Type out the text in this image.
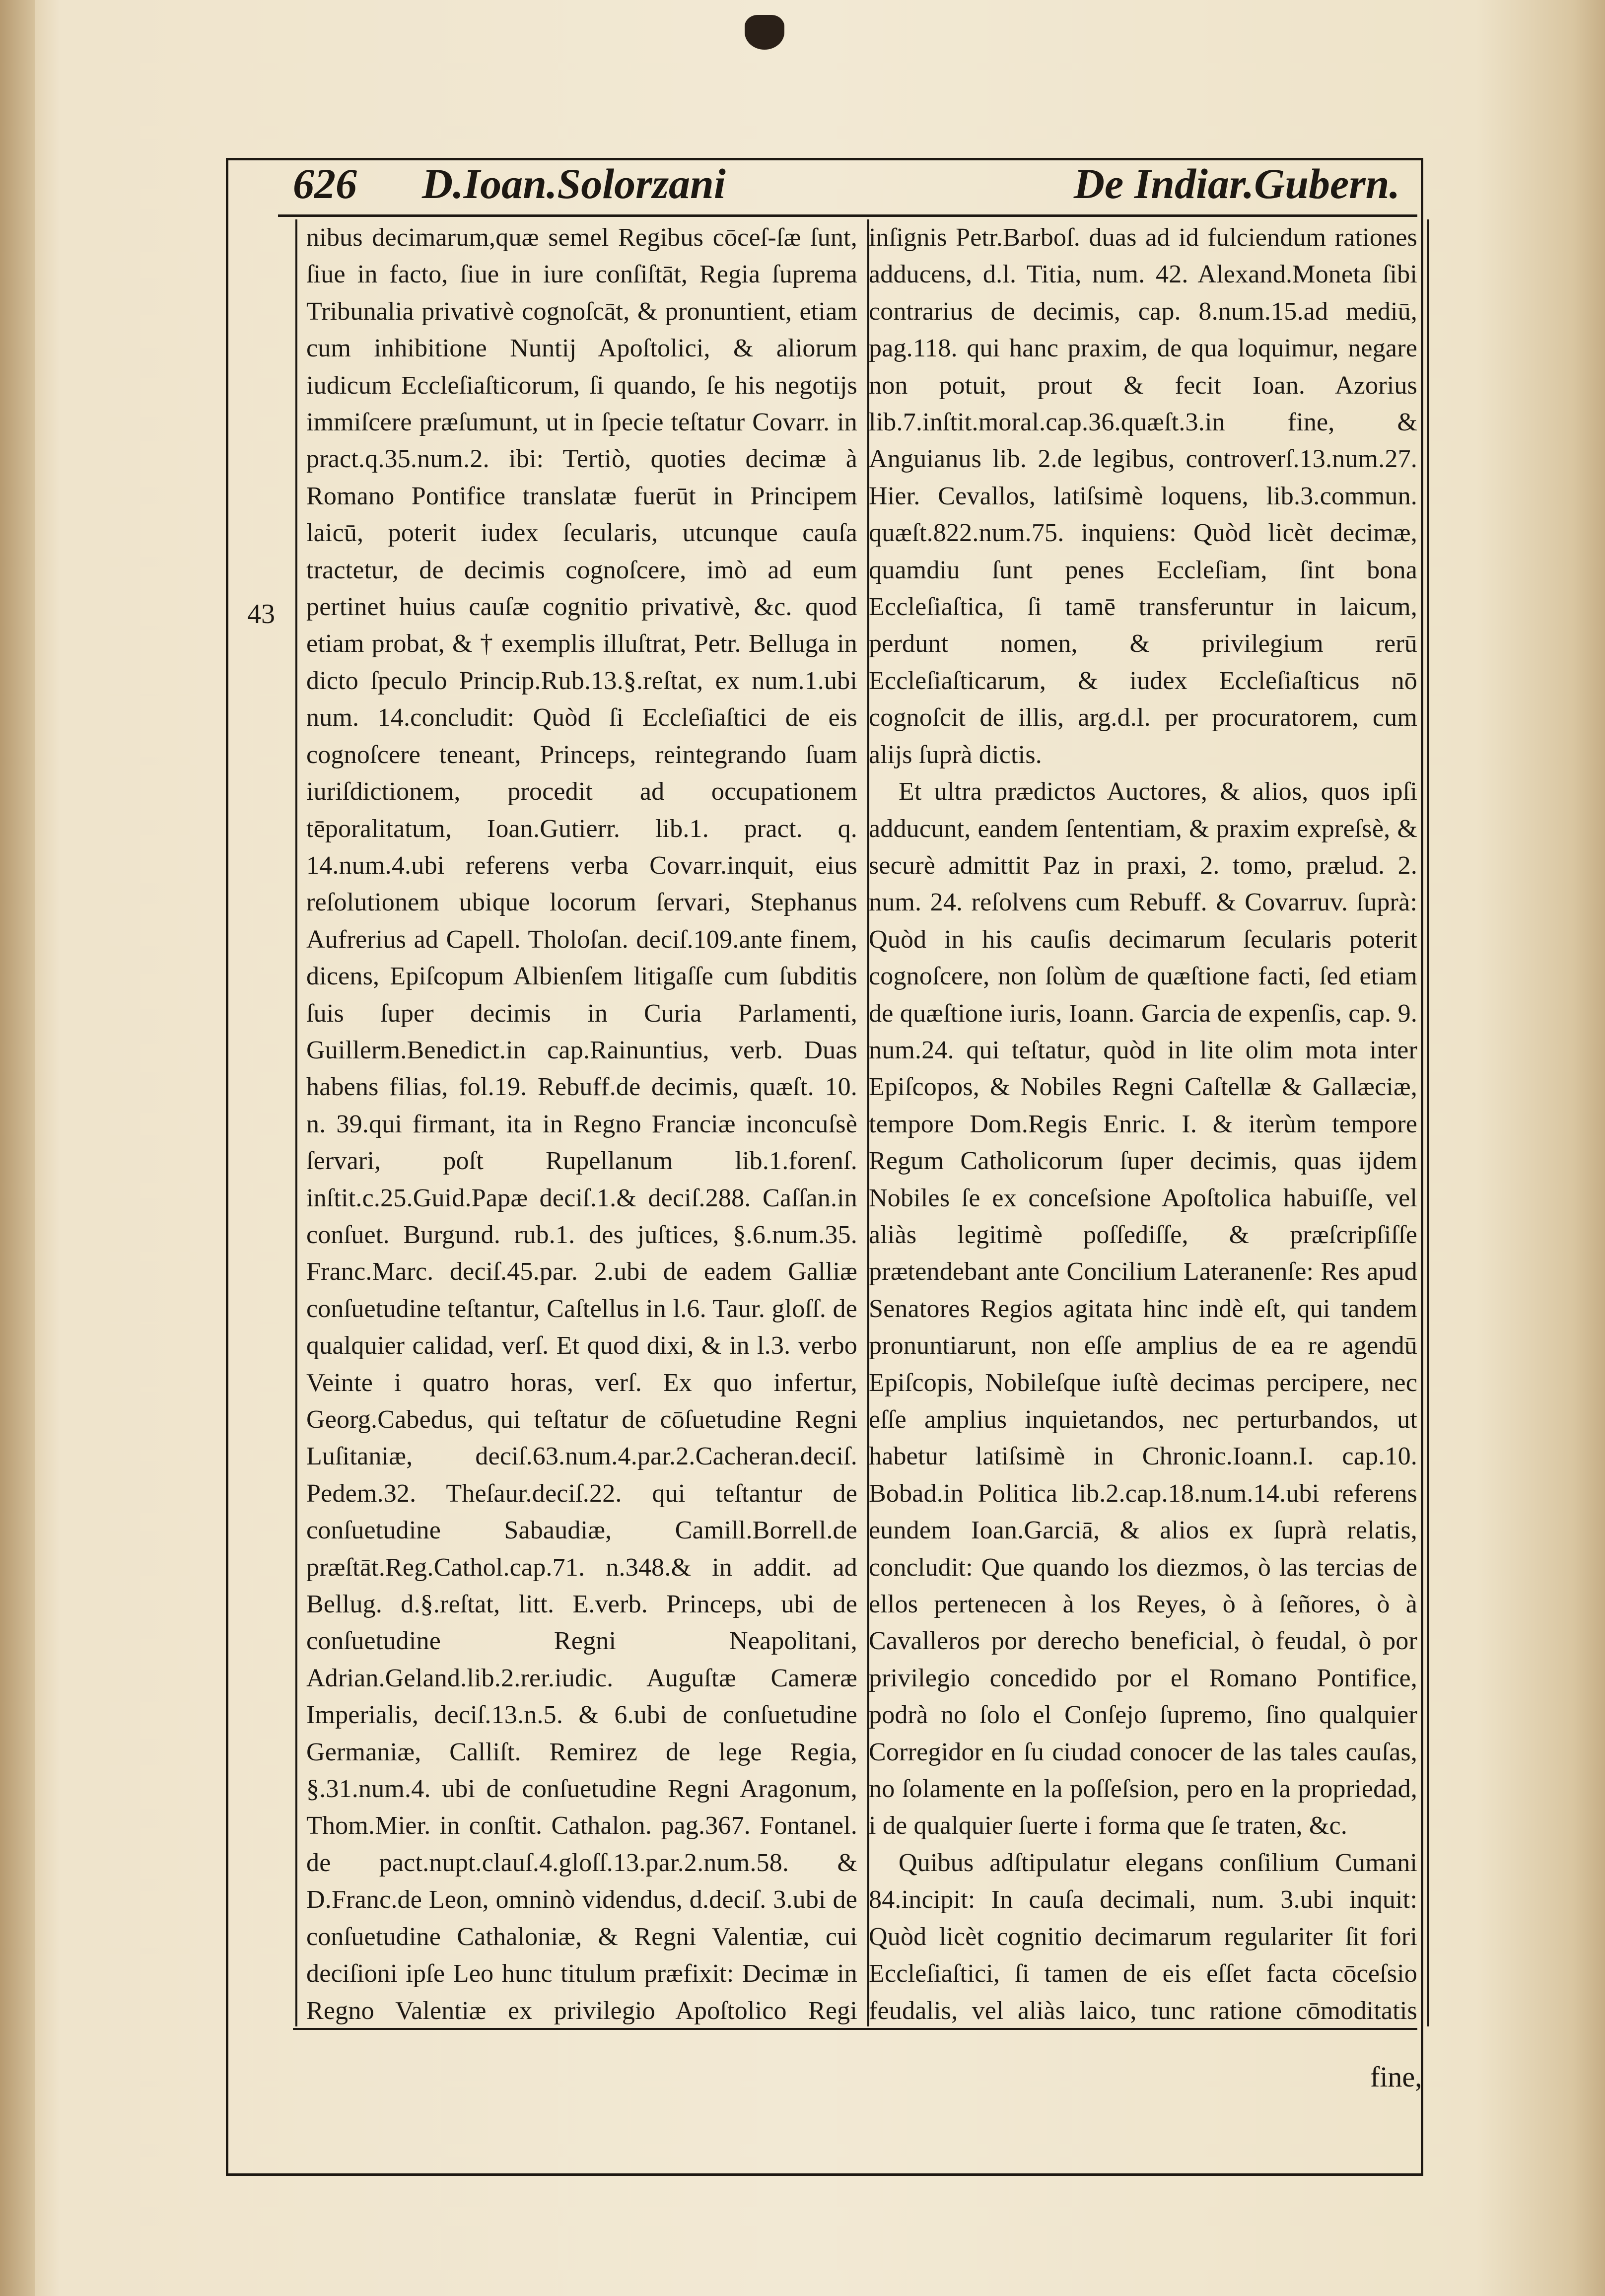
626 D.Ioan.Solorzani	De Indiar.Gubern.
43

nibus decimarum,quæ semel Regibus cōceſ-ſæ ſunt, ſiue in facto, ſiue in iure conſiſtāt, Regia ſuprema Tribunalia privativè cognoſcāt, & pronuntient, etiam cum inhibitione Nuntij Apoſtolici, & aliorum iudicum Eccleſiaſticorum, ſi quando, ſe his negotijs immiſcere præſumunt, ut in ſpecie teſtatur Covarr. in pract.q.35.num.2. ibi: Tertiò, quoties decimæ à Romano Pontifice translatæ fuerūt in Principem laicū, poterit iudex ſecularis, utcunque cauſa tractetur, de decimis cognoſcere, imò ad eum pertinet huius cauſæ cognitio privativè, &c. quod etiam probat, & † exemplis illuſtrat, Petr. Belluga in dicto ſpeculo Princip.Rub.13.§.reſtat, ex num.1.ubi num. 14.concludit: Quòd ſi Eccleſiaſtici de eis cognoſcere teneant, Princeps, reintegrando ſuam iuriſdictionem, procedit ad occupationem tēporalitatum, Ioan.Gutierr. lib.1. pract. q. 14.num.4.ubi referens verba Covarr.inquit, eius reſolutionem ubique locorum ſervari, Stephanus Aufrerius ad Capell. Tholoſan. deciſ.109.ante finem, dicens, Epiſcopum Albienſem litigaſſe cum ſubditis ſuis ſuper decimis in Curia Parlamenti, Guillerm.Benedict.in cap.Rainuntius, verb. Duas habens filias, fol.19. Rebuff.de decimis, quæſt. 10. n. 39.qui firmant, ita in Regno Franciæ inconcuſsè ſervari, poſt Rupellanum lib.1.forenſ. inſtit.c.25.Guid.Papæ deciſ.1.& deciſ.288. Caſſan.in conſuet. Burgund. rub.1. des juſtices, §.6.num.35. Franc.Marc. deciſ.45.par. 2.ubi de eadem Galliæ conſuetudine teſtantur, Caſtellus in l.6. Taur. gloſſ. de qualquier calidad, verſ. Et quod dixi, & in l.3. verbo Veinte i quatro horas, verſ. Ex quo infertur, Georg.Cabedus, qui teſtatur de cōſuetudine Regni Luſitaniæ, deciſ.63.num.4.par.2.Cacheran.deciſ. Pedem.32. Theſaur.deciſ.22. qui teſtantur de conſuetudine Sabaudiæ, Camill.Borrell.de præſtāt.Reg.Cathol.cap.71. n.348.& in addit. ad Bellug. d.§.reſtat, litt. E.verb. Princeps, ubi de conſuetudine Regni Neapolitani, Adrian.Geland.lib.2.rer.iudic. Auguſtæ Cameræ Imperialis, deciſ.13.n.5. & 6.ubi de conſuetudine Germaniæ, Calliſt. Remirez de lege Regia, §.31.num.4. ubi de conſuetudine Regni Aragonum, Thom.Mier. in conſtit. Cathalon. pag.367. Fontanel. de pact.nupt.clauſ.4.gloſſ.13.par.2.num.58. & D.Franc.de Leon, omninò videndus, d.deciſ. 3.ubi de conſuetudine Cathaloniæ, & Regni Valentiæ, cui deciſioni ipſe Leo hunc titulum præfixit: Decimæ in Regno Valentiæ ex privilegio Apoſtolico Regi

inſignis Petr.Barboſ. duas ad id fulciendum rationes adducens, d.l. Titia, num. 42. Alexand.Moneta ſibi contrarius de decimis, cap. 8.num.15.ad mediū, pag.118. qui hanc praxim, de qua loquimur, negare non potuit, prout & fecit Ioan. Azorius lib.7.inſtit.moral.cap.36.quæſt.3.in fine, & Anguianus lib. 2.de legibus, controverſ.13.num.27. Hier. Cevallos, latiſsimè loquens, lib.3.commun. quæſt.822.num.75. inquiens: Quòd licèt decimæ, quamdiu ſunt penes Eccleſiam, ſint bona Eccleſiaſtica, ſi tamē transferuntur in laicum, perdunt nomen, & privilegium rerū Eccleſiaſticarum, & iudex Eccleſiaſticus nō cognoſcit de illis, arg.d.l. per procuratorem, cum alijs ſuprà dictis.

Et ultra prædictos Auctores, & alios, quos ipſi adducunt, eandem ſententiam, & praxim expreſsè, & securè admittit Paz in praxi, 2. tomo, prælud. 2. num. 24. reſolvens cum Rebuff. & Covarruv. ſuprà: Quòd in his cauſis decimarum ſecularis poterit cognoſcere, non ſolùm de quæſtione facti, ſed etiam de quæſtione iuris, Ioann. Garcia de expenſis, cap. 9. num.24. qui teſtatur, quòd in lite olim mota inter Epiſcopos, & Nobiles Regni Caſtellæ & Gallæciæ, tempore Dom.Regis Enric. I. & iterùm tempore Regum Catholicorum ſuper decimis, quas ijdem Nobiles ſe ex conceſsione Apoſtolica habuiſſe, vel aliàs legitimè poſſediſſe, & præſcripſiſſe prætendebant ante Concilium Lateranenſe: Res apud Senatores Regios agitata hinc indè eſt, qui tandem pronuntiarunt, non eſſe amplius de ea re agendū Epiſcopis, Nobileſque iuſtè decimas percipere, nec eſſe amplius inquietandos, nec perturbandos, ut habetur latiſsimè in Chronic.Ioann.I. cap.10. Bobad.in Politica lib.2.cap.18.num.14.ubi referens eundem Ioan.Garciā, & alios ex ſuprà relatis, concludit: Que quando los diezmos, ò las tercias de ellos pertenecen à los Reyes, ò à ſeñores, ò à Cavalleros por derecho beneficial, ò feudal, ò por privilegio concedido por el Romano Pontifice, podrà no ſolo el Conſejo ſupremo, ſino qualquier Corregidor en ſu ciudad conocer de las tales cauſas, no ſolamente en la poſſeſsion, pero en la propriedad, i de qualquier ſuerte i forma que ſe traten, &c.

Quibus adſtipulatur elegans conſilium Cumani 84.incipit: In cauſa decimali, num. 3.ubi inquit: Quòd licèt cognitio decimarum regulariter ſit fori Eccleſiaſtici, ſi tamen de eis eſſet facta cōceſsio feudalis, vel aliàs laico, tunc ratione cōmoditatis

fine,
